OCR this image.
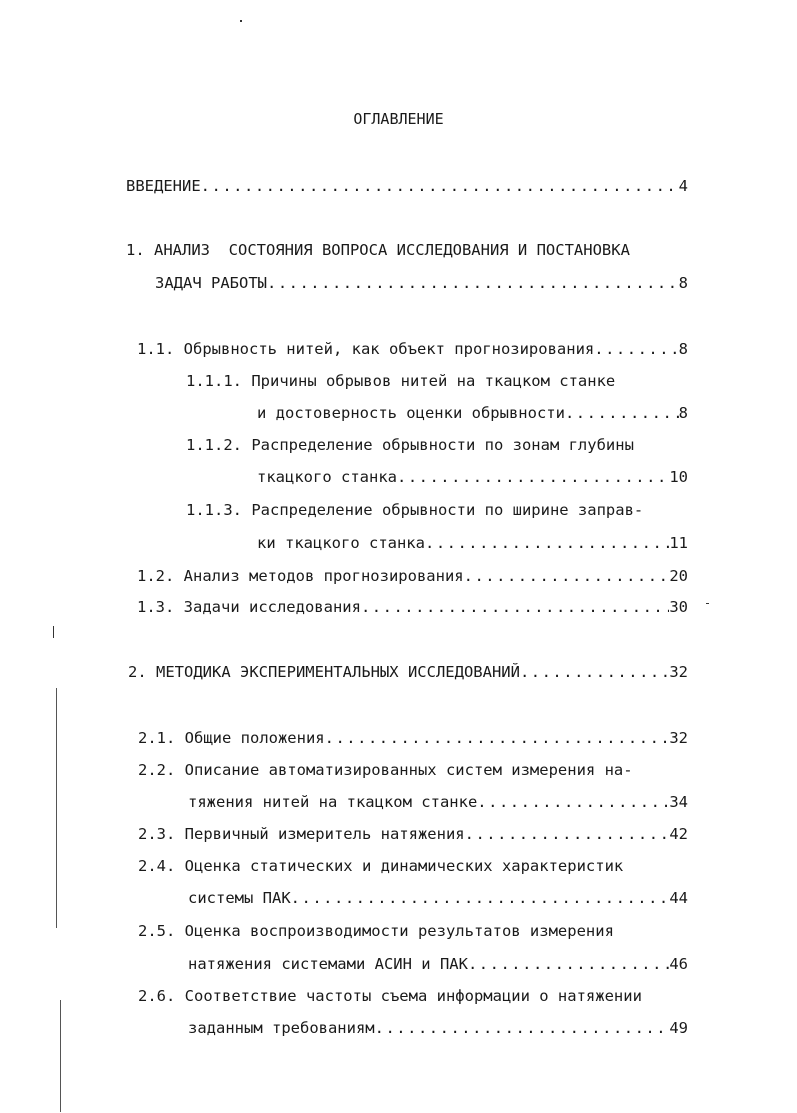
ОГЛАВЛЕНИЕ
ВВЕДЕНИЕ .....	4
1. АНАЛИЗ  СОСТОЯНИЯ ВОПРОСА ИССЛЕДОВАНИЯ И ПОСТАНОВКА
ЗАДАЧ РАБОТЫ .....	8
1.1. Обрывность нитей, как объект прогнозирования .....	8
1.1.1. Причины обрывов нитей на ткацком станке
и достоверность оценки обрывности .....	8
1.1.2. Распределение обрывности по зонам глубины
ткацкого станка .....	10
1.1.3. Распределение обрывности по ширине заправ-
ки ткацкого станка .....	11
1.2. Анализ методов прогнозирования .....	20
1.3. Задачи исследования .....	30
2. МЕТОДИКА ЭКСПЕРИМЕНТАЛЬНЫХ ИССЛЕДОВАНИЙ .....	32
2.1. Общие положения .....	32
2.2. Описание автоматизированных систем измерения на-
тяжения нитей на ткацком станке .....	34
2.3. Первичный измеритель натяжения .....	42
2.4. Оценка статических и динамических характеристик
системы ПАК .....	44
2.5. Оценка воспроизводимости результатов измерения
натяжения системами АСИН и ПАК .....	46
2.6. Соответствие частоты съема информации о натяжении
заданным требованиям .....	49
